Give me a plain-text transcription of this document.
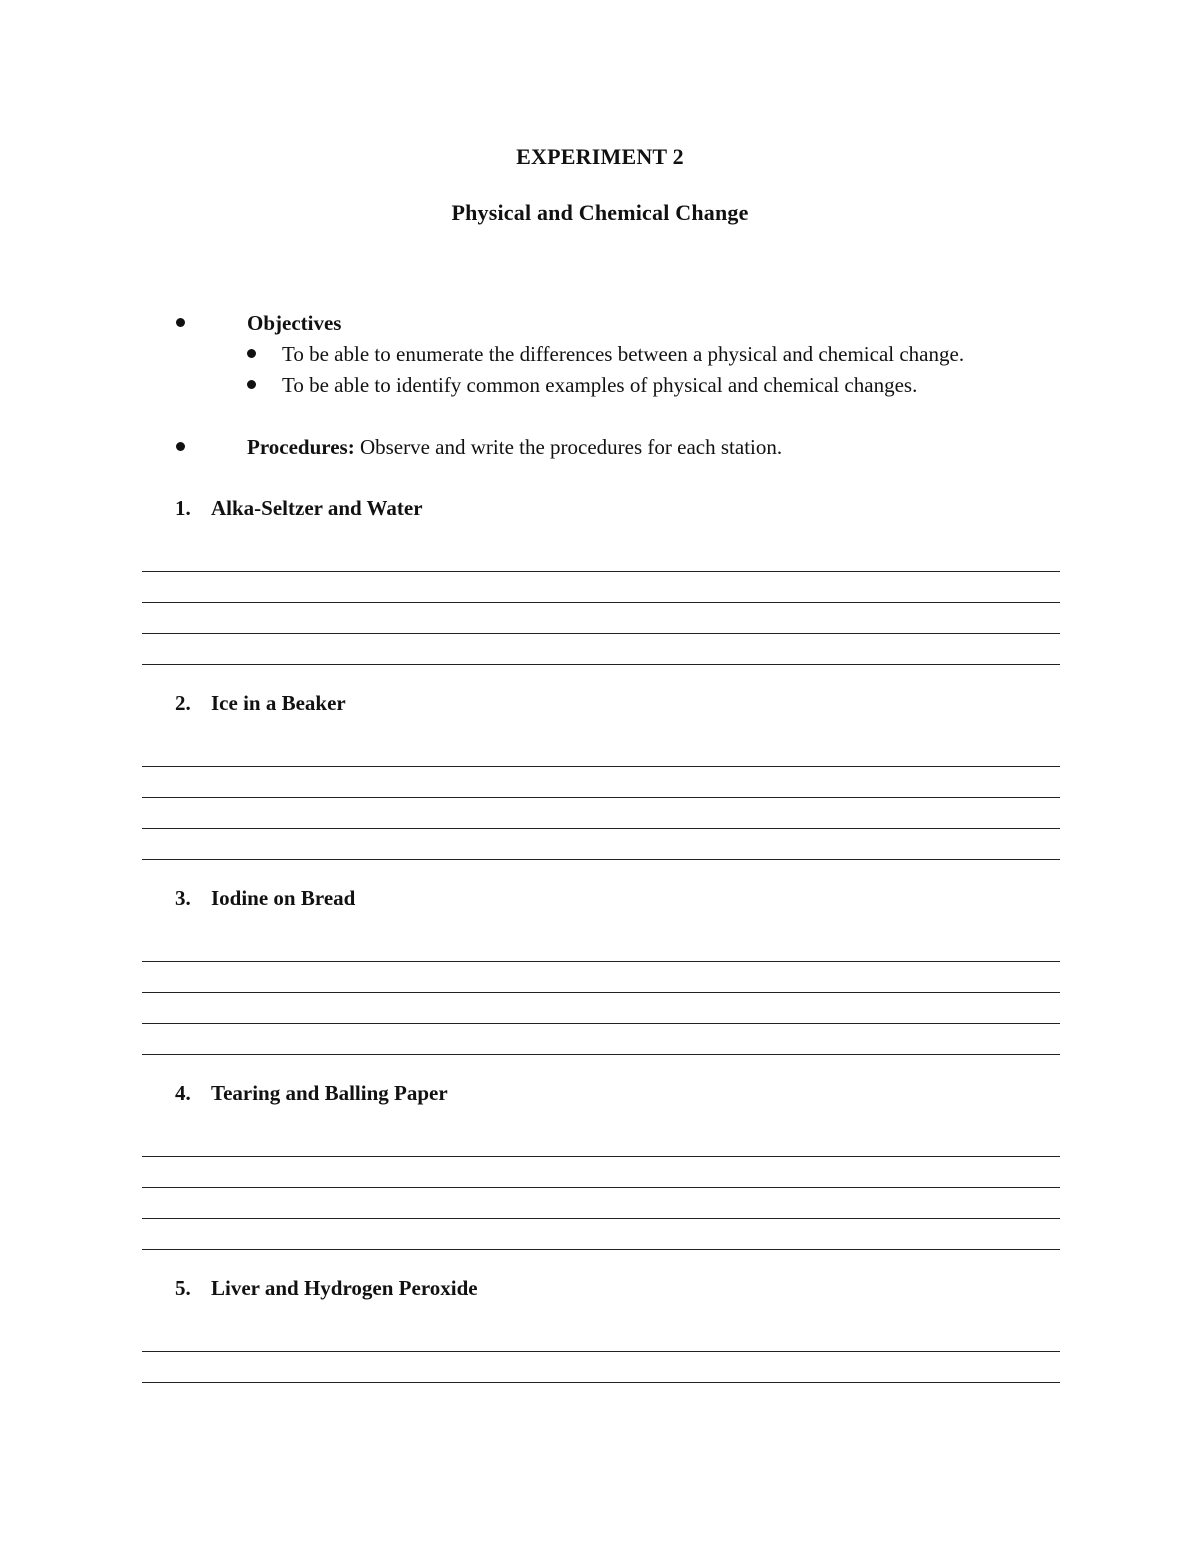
EXPERIMENT 2
Physical and Chemical Change
Objectives
To be able to enumerate the differences between a physical and chemical change.
To be able to identify common examples of physical and chemical changes.
Procedures: Observe and write the procedures for each station.
1. Alka-Seltzer and Water
2. Ice in a Beaker
3. Iodine on Bread
4. Tearing and Balling Paper
5. Liver and Hydrogen Peroxide
